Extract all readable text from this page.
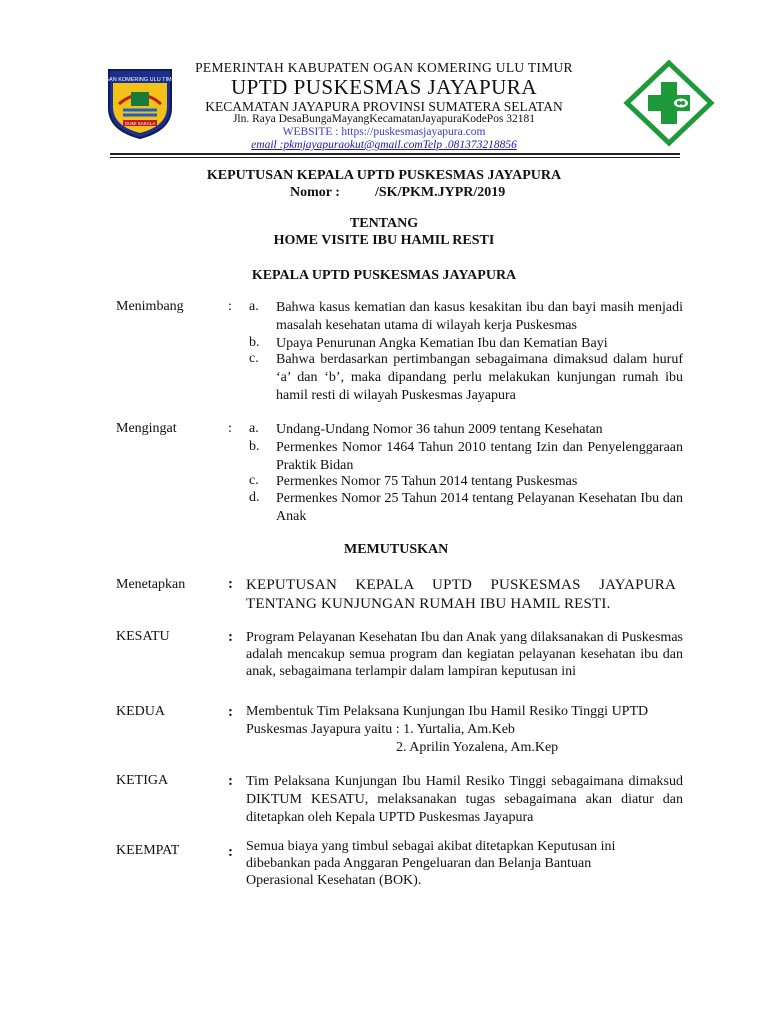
OGAN KOMERING ULU TIMUR
GUMI SAKALA
PEMERINTAH KABUPATEN OGAN KOMERING ULU TIMUR
UPTD PUSKESMAS JAYAPURA
KECAMATAN JAYAPURA PROVINSI SUMATERA SELATAN
Jln. Raya DesaBungaMayangKecamatanJayapuraKodePos 32181
WEBSITE : https://puskesmasjayapura.com
email :pkmjayapuraokut@gmail.comTelp .081373218856
KEPUTUSAN KEPALA UPTD PUSKESMAS JAYAPURA
Nomor :	/SK/PKM.JYPR/2019
TENTANG
HOME VISITE IBU HAMIL RESTI
KEPALA UPTD PUSKESMAS JAYAPURA
Menimbang	: a. Bahwa kasus kematian dan kasus kesakitan ibu dan bayi masih menjadi masalah kesehatan utama di wilayah kerja Puskesmas
b. Upaya Penurunan Angka Kematian Ibu dan Kematian Bayi
c. Bahwa berdasarkan pertimbangan sebagaimana dimaksud dalam huruf ‘a’ dan ‘b’, maka dipandang perlu melakukan kunjungan rumah ibu hamil resti di wilayah Puskesmas Jayapura
Mengingat	: a. Undang-Undang Nomor 36 tahun 2009 tentang Kesehatan
b. Permenkes Nomor 1464 Tahun 2010 tentang Izin dan Penyelenggaraan Praktik Bidan
c. Permenkes Nomor 75 Tahun 2014 tentang Puskesmas
d. Permenkes Nomor 25 Tahun 2014 tentang Pelayanan Kesehatan Ibu dan Anak
MEMUTUSKAN
Menetapkan	: KEPUTUSAN KEPALA UPTD PUSKESMAS JAYAPURA TENTANG KUNJUNGAN RUMAH IBU HAMIL RESTI.
KESATU	: Program Pelayanan Kesehatan Ibu dan Anak yang dilaksanakan di Puskesmas adalah mencakup semua program dan kegiatan pelayanan kesehatan ibu dan anak, sebagaimana terlampir dalam lampiran keputusan ini
KEDUA	: Membentuk Tim Pelaksana Kunjungan Ibu Hamil Resiko Tinggi UPTD
Puskesmas Jayapura yaitu : 1. Yurtalia, Am.Keb
2. Aprilin Yozalena, Am.Kep
KETIGA	: Tim Pelaksana Kunjungan Ibu Hamil Resiko Tinggi sebagaimana dimaksud DIKTUM KESATU, melaksanakan tugas sebagaimana akan diatur dan ditetapkan oleh Kepala UPTD Puskesmas Jayapura
KEEMPAT	: Semua biaya yang timbul sebagai akibat ditetapkan Keputusan ini
dibebankan pada Anggaran Pengeluaran dan Belanja Bantuan
Operasional Kesehatan (BOK).
